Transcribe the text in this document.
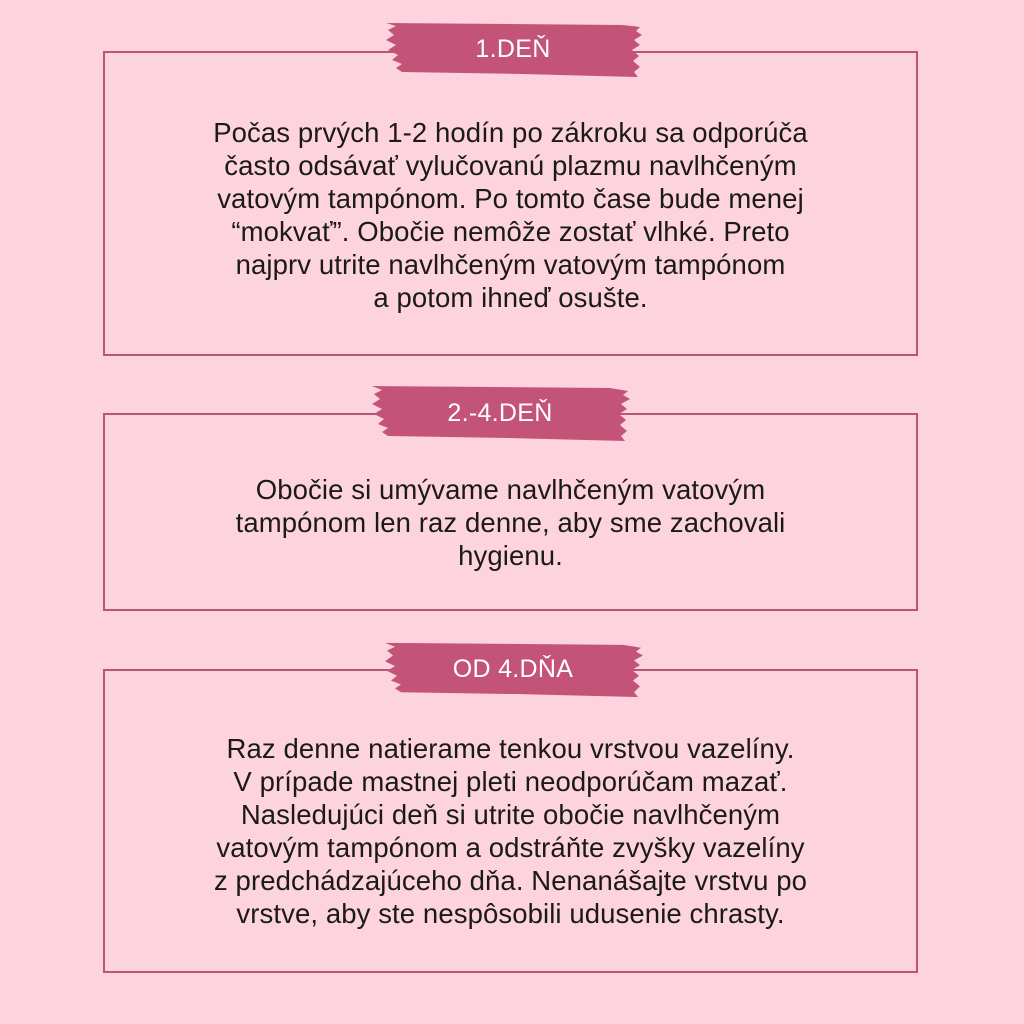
Počas prvých 1-2 hodín po zákroku sa odporúča
často odsávať vylučovanú plazmu navlhčeným
vatovým tampónom. Po tomto čase bude menej
“mokvať”. Obočie nemôže zostať vlhké. Preto
najprv utrite navlhčeným vatovým tampónom
a potom ihneď osušte.

1.DEŇ

Obočie si umývame navlhčeným vatovým
tampónom len raz denne, aby sme zachovali
hygienu.

2.-4.DEŇ

Raz denne natierame tenkou vrstvou vazelíny.
V prípade mastnej pleti neodporúčam mazať.
Nasledujúci deň si utrite obočie navlhčeným
vatovým tampónom a odstráňte zvyšky vazelíny
z predchádzajúceho dňa. Nenanášajte vrstvu po
vrstve, aby ste nespôsobili udusenie chrasty.

OD 4.DŇA
